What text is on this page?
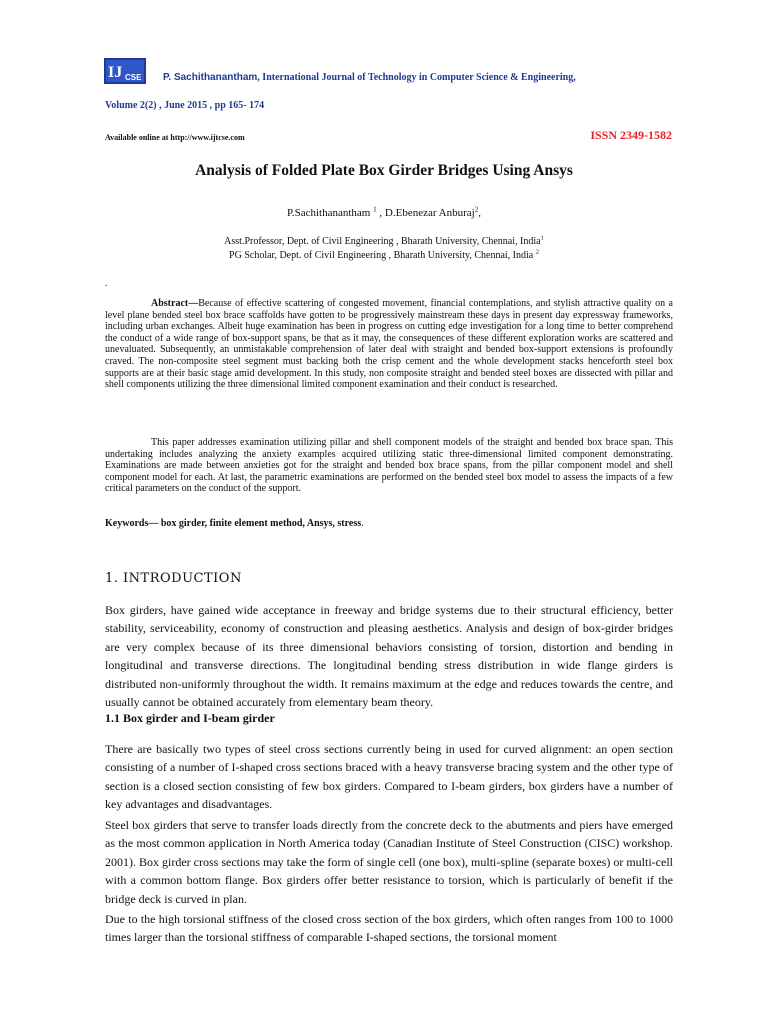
IJ CSE P. Sachithanantham, International Journal of Technology in Computer Science & Engineering,
Volume 2(2) , June 2015 , pp 165- 174
Available online at http://www.ijtcse.com	ISSN 2349-1582
Analysis of Folded Plate Box Girder Bridges Using Ansys
P.Sachithanantham $^1$ , D.Ebenezar Anburaj$^2$,
Asst.Professor, Dept. of Civil Engineering , Bharath University, Chennai, India$^1$
PG Scholar, Dept. of Civil Engineering , Bharath University, Chennai, India $^2$
.

Abstract—Because of effective scattering of congested movement, financial contemplations, and stylish attractive quality on a level plane bended steel box brace scaffolds have gotten to be progressively mainstream these days in present day expressway frameworks, including urban exchanges. Albeit huge examination has been in progress on cutting edge investigation for a long time to better comprehend the conduct of a wide range of box-support spans, be that as it may, the consequences of these different exploration works are scattered and unevaluated. Subsequently, an unmistakable comprehension of later deal with straight and bended box-support extensions is profoundly craved. The non-composite steel segment must backing both the crisp cement and the whole development stacks henceforth steel box supports are at their basic stage amid development. In this study, non composite straight and bended steel boxes are dissected with pillar and shell components utilizing the three dimensional limited component examination and their conduct is researched.

This paper addresses examination utilizing pillar and shell component models of the straight and bended box brace span. This undertaking includes analyzing the anxiety examples acquired utilizing static three-dimensional limited component demonstrating. Examinations are made between anxieties got for the straight and bended box brace spans, from the pillar component model and shell component model for each. At last, the parametric examinations are performed on the bended steel box model to assess the impacts of a few critical parameters on the conduct of the support.

Keywords— box girder, finite element method, Ansys, stress.
1. INTRODUCTION

Box girders, have gained wide acceptance in freeway and bridge systems due to their structural efficiency, better stability, serviceability, economy of construction and pleasing aesthetics. Analysis and design of box-girder bridges are very complex because of its three dimensional behaviors consisting of torsion, distortion and bending in longitudinal and transverse directions. The longitudinal bending stress distribution in wide flange girders is distributed non-uniformly throughout the width. It remains maximum at the edge and reduces towards the centre, and usually cannot be obtained accurately from elementary beam theory.

1.1 Box girder and I-beam girder

There are basically two types of steel cross sections currently being in used for curved alignment: an open section consisting of a number of I-shaped cross sections braced with a heavy transverse bracing system and the other type of section is a closed section consisting of few box girders. Compared to I-beam girders, box girders have a number of key advantages and disadvantages.

Steel box girders that serve to transfer loads directly from the concrete deck to the abutments and piers have emerged as the most common application in North America today (Canadian Institute of Steel Construction (CISC) workshop. 2001). Box girder cross sections may take the form of single cell (one box), multi-spline (separate boxes) or multi-cell with a common bottom flange. Box girders offer better resistance to torsion, which is particularly of benefit if the bridge deck is curved in plan.

Due to the high torsional stiffness of the closed cross section of the box girders, which often ranges from 100 to 1000 times larger than the torsional stiffness of comparable I-shaped sections, the torsional moment
